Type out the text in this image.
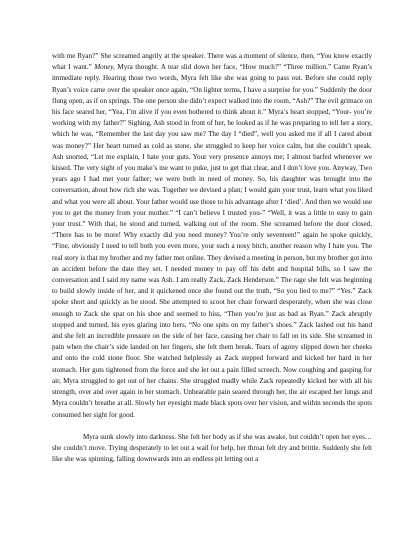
with me Ryan?” She screamed angrily at the speaker. There was a moment of silence, then, “You know exactly what I want.” Money, Myra thought. A tear slid down her face, “How much?” “Three million.” Came Ryan’s immediate reply. Hearing those two words, Myra felt like she was going to pass out. Before she could reply Ryan’s voice came over the speaker once again, “On lighter terms, I have a surprise for you.” Suddenly the door flung open, as if on springs. The one person she didn’t expect walked into the room, “Ash?” The evil grimace on his face seared her, “Yea, I’m alive if you even bothered to think about it.” Myra’s heart stopped, “Your- you’re working with my father?” Sighing, Ash stood in front of her, he looked as if he was preparing to tell her a story, which he was, “Remember the last day you saw me? The day I “died”, well you asked me if all I cared about was money?” Her heart turned as cold as stone, she struggled to keep her voice calm, but she couldn’t speak. Ash snorted, “Let me explain, I hate your guts. Your very presence annoys me; I almost barfed whenever we kissed. The very sight of you make’s me want to puke, just to get that clear, and I don’t love you. Anyway, Two years ago I had met your father; we were both in need of money. So, his daughter was brought into the conversation, about how rich she was. Together we devised a plan; I would gain your trust, learn what you liked and what you were all about. Your father would use those to his advantage after I ‘died’. And then we would use you to get the money from your mother.” “I can’t believe I trusted you-” “Well, it was a little to easy to gain your trust.” With that, he stood and turned, walking out of the room. She screamed before the door closed, “There has to be more! Why exactly did you need money? You’re only seventeen!” again he spoke quickly, “Fine, obviously I need to tell both you even more, your such a nosy bitch, another reason why I hate you. The real story is that my brother and my father met online. They devised a meeting in person, but my brother got into an accident before the date they set. I needed money to pay off his debt and hospital bills, so I saw the conversation and I said my name was Ash. I am really Zack, Zack Henderson.” The rage she felt was beginning to build slowly inside of her, and it quickened once she found out the truth, “So you lied to me?” “Yes.” Zack spoke short and quickly as he stood. She attempted to scoot her chair forward desperately, when she was close enough to Zack she spat on his shoe and seemed to hiss, “Then you’re just as bad as Ryan.” Zack abruptly stopped and turned, his eyes glaring into hers, “No one spits on my father’s shoes.” Zack lashed out his hand and she felt an incredible pressure on the side of her face, causing her chair to fall on its side. She screamed in pain when the chair’s side landed on her fingers, she felt them break. Tears of agony slipped down her cheeks and onto the cold stone floor. She watched helplessly as Zack stepped forward and kicked her hard in her stomach. Her guts tightened from the force and she let out a pain filled screech. Now coughing and gasping for air, Myra struggled to get out of her chains. She struggled madly while Zack repeatedly kicked her with all his strength, over and over again in her stomach. Unbearable pain seared through her, the air escaped her lungs and Myra couldn’t breathe at all. Slowly her eyesight made black spots over her vision, and within seconds the spots consumed her sight for good.

Myra sunk slowly into darkness. She felt her body as if she was awake, but couldn’t open her eyes… she couldn’t move. Trying desperately to let out a wail for help, her throat felt dry and brittle. Suddenly she felt like she was spinning, falling downwards into an endless pit letting out a
